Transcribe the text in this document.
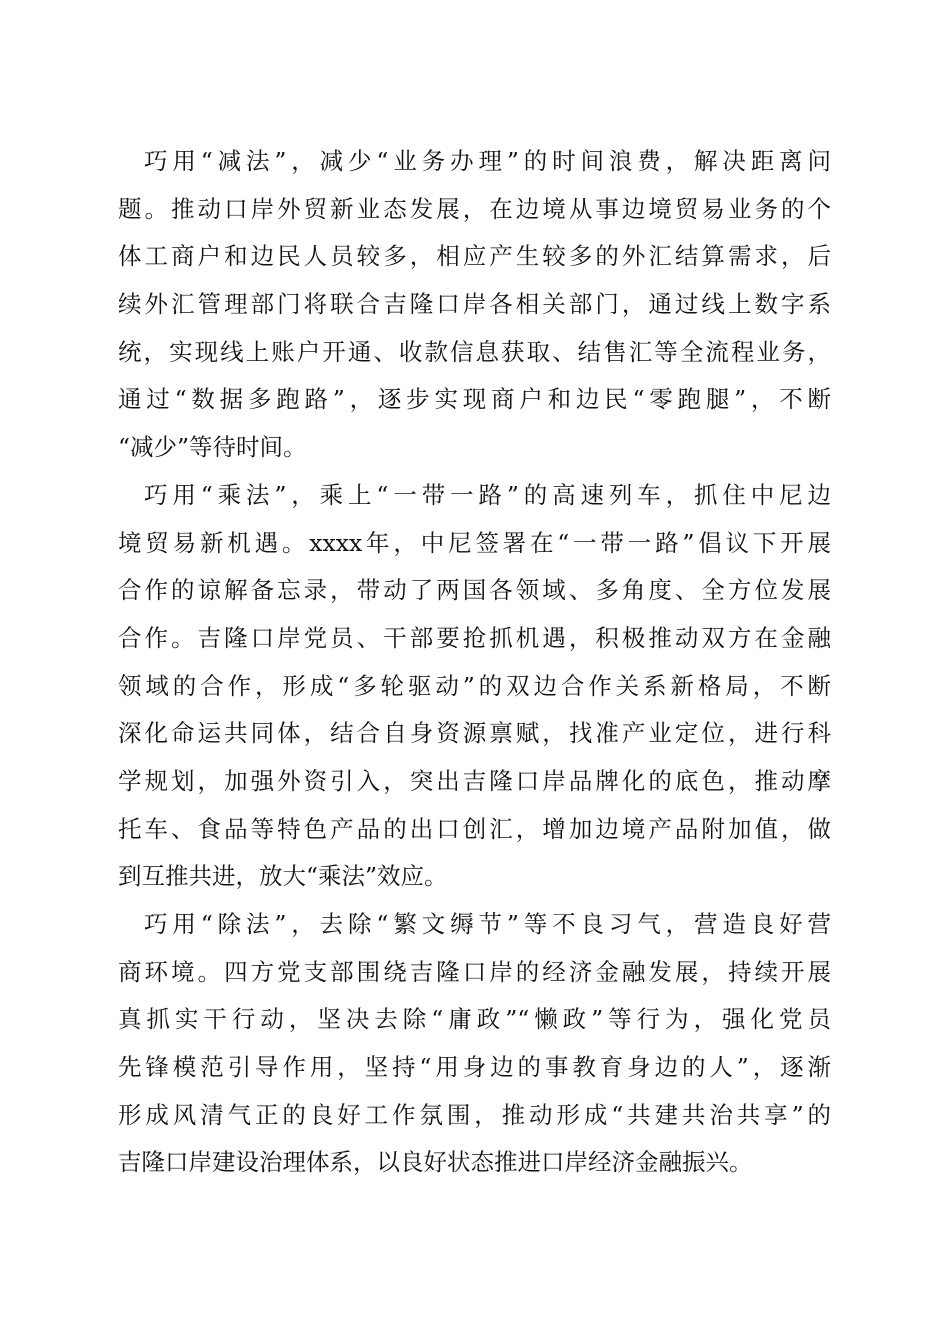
巧用“减法”，减少“业务办理”的时间浪费，解决距离问
题。推动口岸外贸新业态发展，在边境从事边境贸易业务的个
体工商户和边民人员较多，相应产生较多的外汇结算需求，后
续外汇管理部门将联合吉隆口岸各相关部门，通过线上数字系
统，实现线上账户开通、收款信息获取、结售汇等全流程业务，
通过“数据多跑路”，逐步实现商户和边民“零跑腿”，不断
“减少”等待时间。
巧用“乘法”，乘上“一带一路”的高速列车，抓住中尼边
境贸易新机遇。xxxx年，中尼签署在“一带一路”倡议下开展
合作的谅解备忘录，带动了两国各领域、多角度、全方位发展
合作。吉隆口岸党员、干部要抢抓机遇，积极推动双方在金融
领域的合作，形成“多轮驱动”的双边合作关系新格局，不断
深化命运共同体，结合自身资源禀赋，找准产业定位，进行科
学规划，加强外资引入，突出吉隆口岸品牌化的底色，推动摩
托车、食品等特色产品的出口创汇，增加边境产品附加值，做
到互推共进，放大“乘法”效应。
巧用“除法”，去除“繁文缛节”等不良习气，营造良好营
商环境。四方党支部围绕吉隆口岸的经济金融发展，持续开展
真抓实干行动，坚决去除“庸政”“懒政”等行为，强化党员
先锋模范引导作用，坚持“用身边的事教育身边的人”，逐渐
形成风清气正的良好工作氛围，推动形成“共建共治共享”的
吉隆口岸建设治理体系，以良好状态推进口岸经济金融振兴。
